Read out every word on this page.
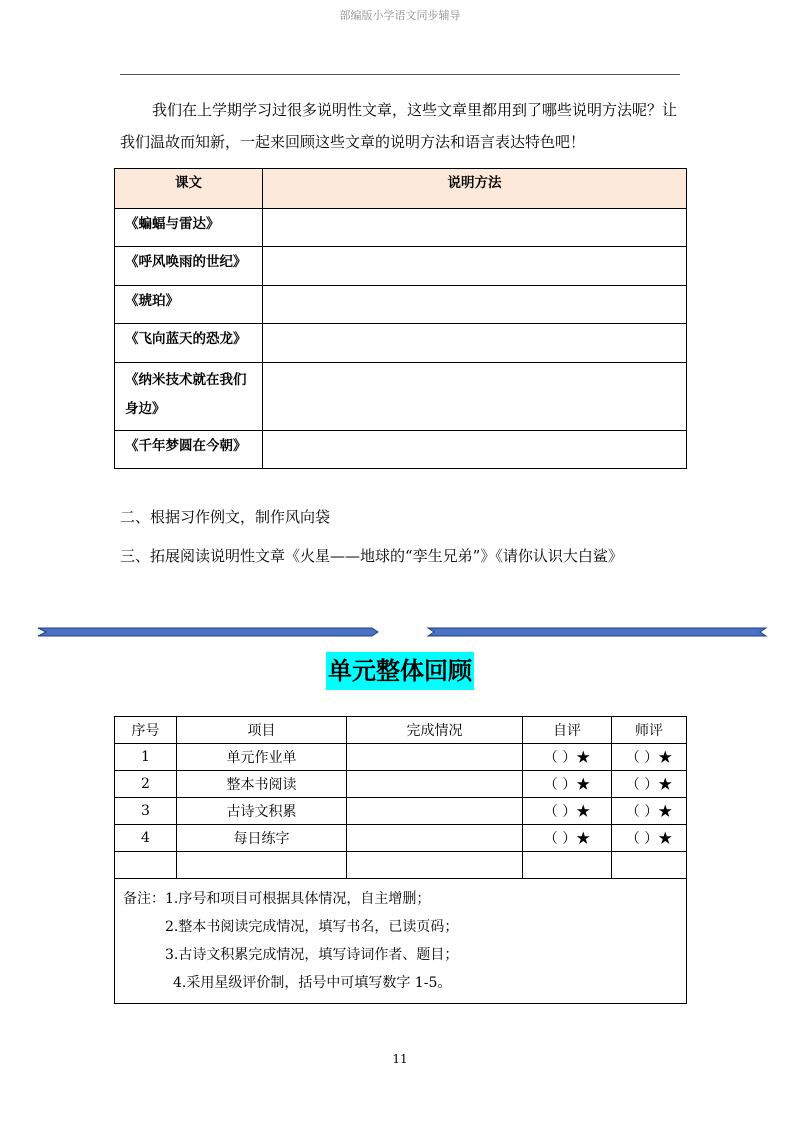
部编版小学语文同步辅导
我们在上学期学习过很多说明性文章，这些文章里都用到了哪些说明方法呢？让我们温故而知新，一起来回顾这些文章的说明方法和语言表达特色吧！
课文	说明方法
《蝙蝠与雷达》	
《呼风唤雨的世纪》	
《琥珀》	
《飞向蓝天的恐龙》	
《纳米技术就在我们身边》	
《千年梦圆在今朝》	
二、根据习作例文，制作风向袋
三、拓展阅读说明性文章《火星——地球的“孪生兄弟”》《请你认识大白鲨》
单元整体回顾
序号	项目	完成情况	自评	师评
1	单元作业单		（ ）★	（ ）★
2	整本书阅读		（ ）★	（ ）★
3	古诗文积累		（ ）★	（ ）★
4	每日练字		（ ）★	（ ）★

备注：1.序号和项目可根据具体情况，自主增删；
2.整本书阅读完成情况，填写书名，已读页码；
3.古诗文积累完成情况，填写诗词作者、题目；
4.采用星级评价制，括号中可填写数字 1-5。				
11
